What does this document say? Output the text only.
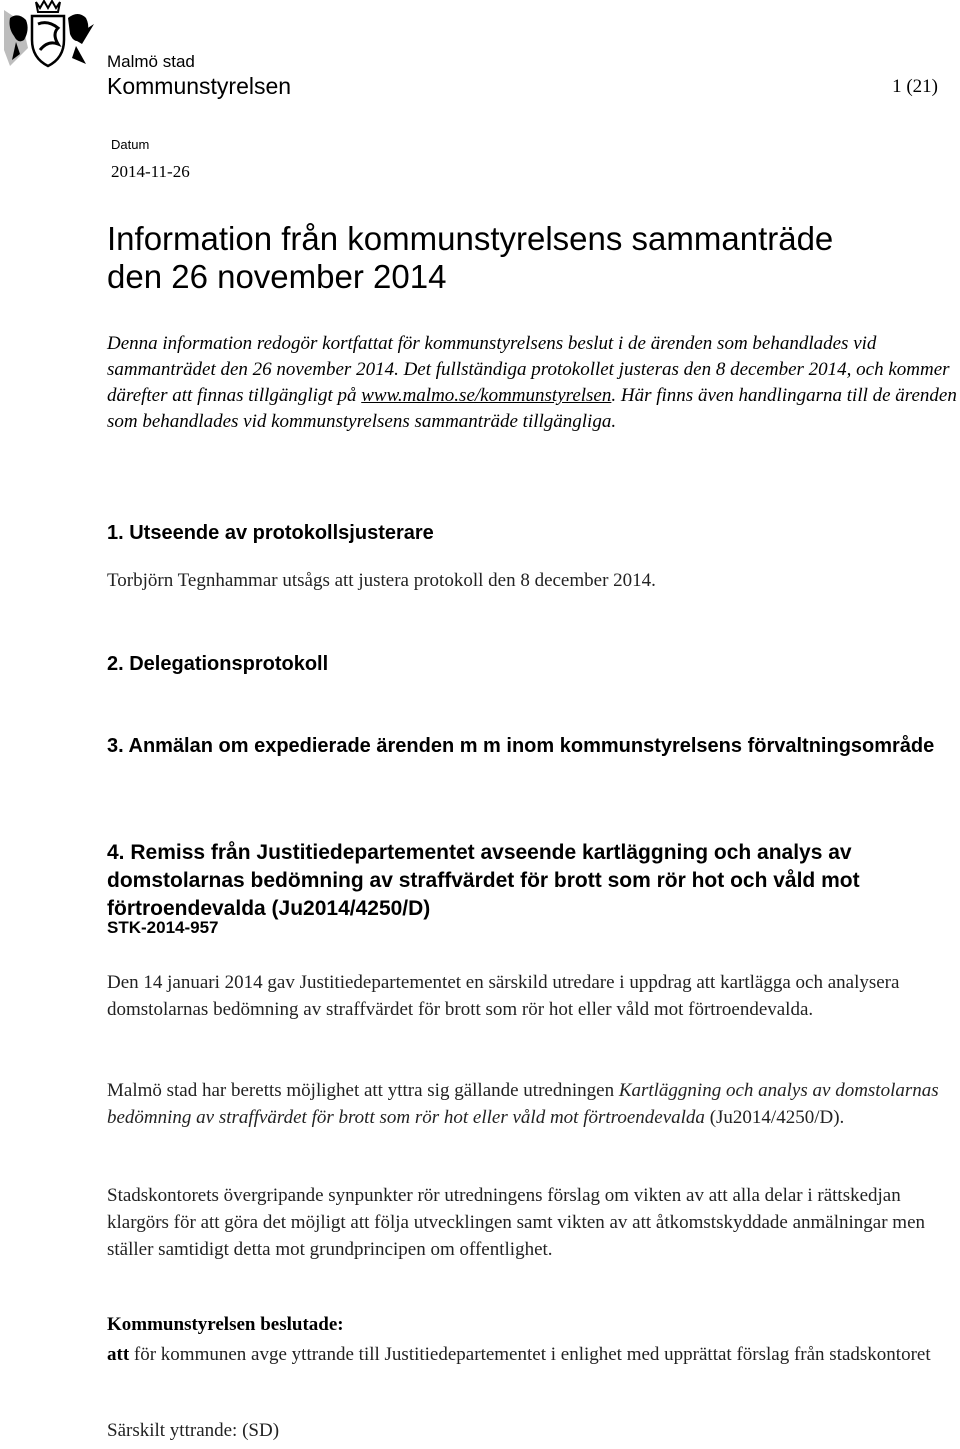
Malmö stad
Kommunstyrelsen	1 (21)
Datum
2014-11-26
Information från kommunstyrelsens sammanträde
den 26 november 2014
Denna information redogör kortfattat för kommunstyrelsens beslut i de ärenden som behandlades vid sammanträdet den 26 november 2014. Det fullständiga protokollet justeras den 8 december 2014, och kommer därefter att finnas tillgängligt på www.malmo.se/kommunstyrelsen. Här finns även handlingarna till de ärenden som behandlades vid kommunstyrelsens sammanträde tillgängliga.
1. Utseende av protokollsjusterare
Torbjörn Tegnhammar utsågs att justera protokoll den 8 december 2014.
2. Delegationsprotokoll
3. Anmälan om expedierade ärenden m m inom kommunstyrelsens förvaltningsområde
4. Remiss från Justitiedepartementet avseende kartläggning och analys av domstolarnas bedömning av straffvärdet för brott som rör hot och våld mot förtroendevalda (Ju2014/4250/D)
STK-2014-957
Den 14 januari 2014 gav Justitiedepartementet en särskild utredare i uppdrag att kartlägga och analysera domstolarnas bedömning av straffvärdet för brott som rör hot eller våld mot förtroendevalda.
Malmö stad har beretts möjlighet att yttra sig gällande utredningen Kartläggning och analys av domstolarnas bedömning av straffvärdet för brott som rör hot eller våld mot förtroendevalda (Ju2014/4250/D).
Stadskontorets övergripande synpunkter rör utredningens förslag om vikten av att alla delar i rättskedjan klargörs för att göra det möjligt att följa utvecklingen samt vikten av att åtkomstskyddade anmälningar men ställer samtidigt detta mot grundprincipen om offentlighet.
Kommunstyrelsen beslutade:
att för kommunen avge yttrande till Justitiedepartementet i enlighet med upprättat förslag från stadskontoret
Särskilt yttrande: (SD)
